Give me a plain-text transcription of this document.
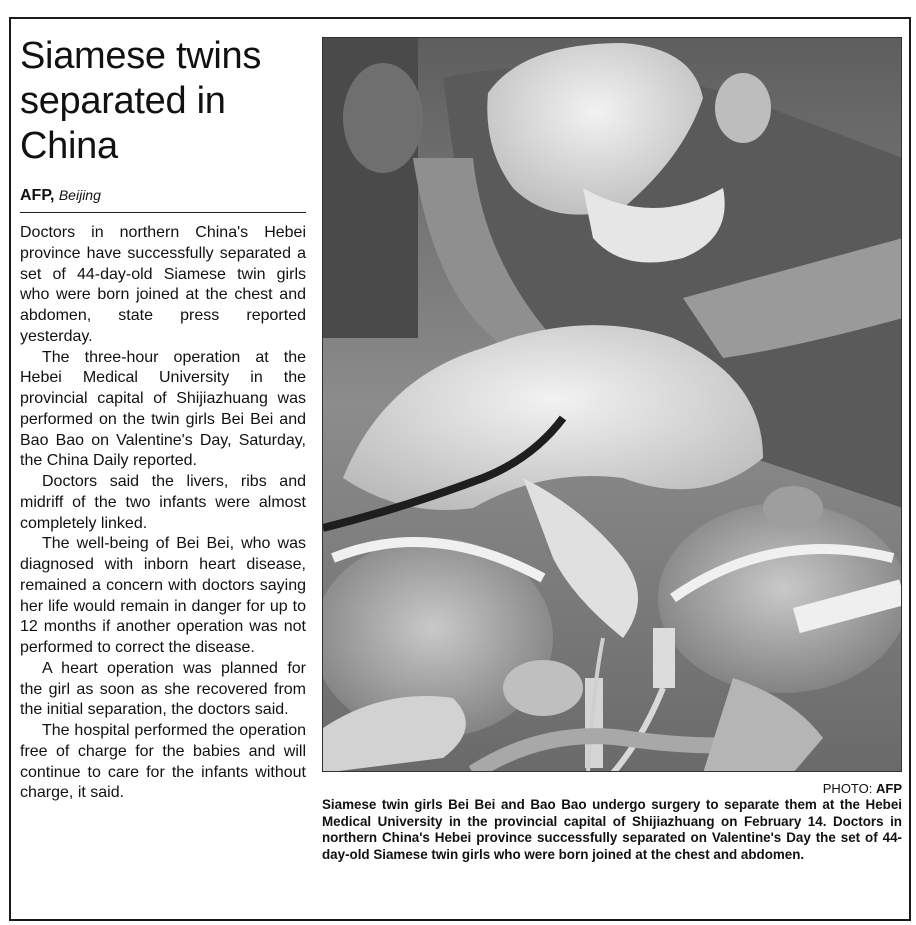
Siamese twins separated in China
AFP, Beijing

Doctors in northern China's Hebei province have successfully separated a set of 44-day-old Siamese twin girls who were born joined at the chest and abdomen, state press reported yesterday.

The three-hour operation at the Hebei Medical University in the provincial capital of Shijiazhuang was performed on the twin girls Bei Bei and Bao Bao on Valentine's Day, Saturday, the China Daily reported.

Doctors said the livers, ribs and midriff of the two infants were almost completely linked.

The well-being of Bei Bei, who was diagnosed with inborn heart disease, remained a concern with doctors saying her life would remain in danger for up to 12 months if another operation was not performed to correct the disease.

A heart operation was planned for the girl as soon as she recovered from the initial separation, the doctors said.

The hospital performed the operation free of charge for the babies and will continue to care for the infants without charge, it said.	PHOTO: AFP
Siamese twin girls Bei Bei and Bao Bao undergo surgery to separate them at the Hebei Medical University in the provincial capital of Shijiazhuang on February 14. Doctors in northern China's Hebei province successfully separated on Valentine's Day the set of 44-day-old Siamese twin girls who were born joined at the chest and abdomen.
